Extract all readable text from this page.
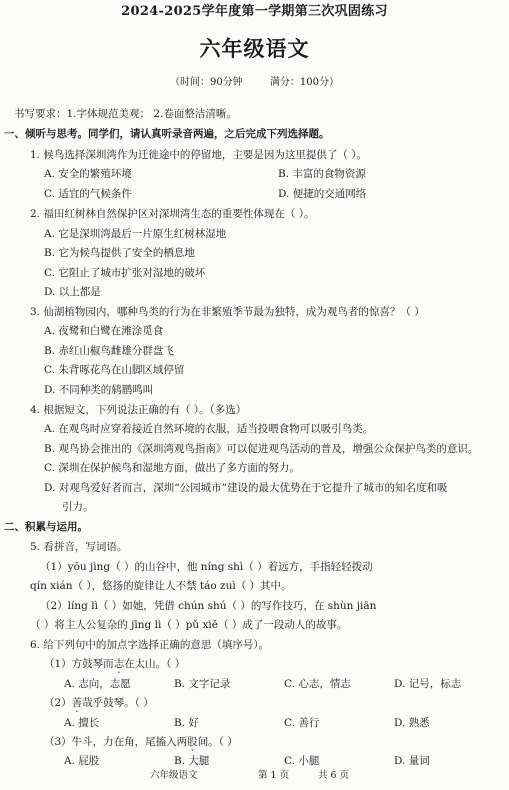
2024-2025学年度第一学期第三次巩固练习
六年级语文
（时间：90分钟	满分：100分）
书写要求：1.字体规范美观； 2.卷面整洁清晰。
一、倾听与思考。同学们，请认真听录音两遍，之后完成下列选择题。
1. 候鸟选择深圳湾作为迁徙途中的停留地，主要是因为这里提供了（ ）。
A. 安全的繁殖环境	B. 丰富的食物资源
C. 适宜的气候条件	D. 便捷的交通网络
2. 福田红树林自然保护区对深圳湾生态的重要性体现在（ ）。
A. 它是深圳湾最后一片原生红树林湿地
B. 它为候鸟提供了安全的栖息地
C. 它阻止了城市扩张对湿地的破坏
D. 以上都是
3. 仙湖植物园内，哪种鸟类的行为在非繁殖季节最为独特，成为观鸟者的惊喜？（ ）
A. 夜鹭和白鹭在滩涂觅食
B. 赤红山椒鸟雌雄分群盘飞
C. 朱背啄花鸟在山脚区域停留
D. 不同种类的鸫鹛鸣叫
4. 根据短文，下列说法正确的有（ ）。（多选）
A. 在观鸟时应穿着接近自然环境的衣服，适当投喂食物可以吸引鸟类。
B. 观鸟协会推出的《深圳湾观鸟指南》可以促进观鸟活动的普及，增强公众保护鸟类的意识。
C. 深圳在保护候鸟和湿地方面，做出了多方面的努力。
D. 对观鸟爱好者而言，深圳“公园城市”建设的最大优势在于它提升了城市的知名度和吸
引力。
二、积累与运用。
5. 看拼音，写词语。
（1）yōu jìng（ ）的山谷中，他 níng shì（ ）着远方，手指轻轻拨动
qín xián（ ），悠扬的旋律让人不禁 táo zuì（ ）其中。
（2）líng lì（ ）如她，凭借 chún shú（ ）的写作技巧，在 shùn jiān
（ ）将主人公复杂的 jīng lì（ ）pǔ xiě（ ）成了一段动人的故事。
6. 给下列句中的加点字选择正确的意思（填序号）。
（1）方鼓琴而志在太山。（ ）
A. 志向，志愿	B. 文字记录	C. 心志，情志	D. 记号，标志
（2）善哉乎鼓琴。（ ）
A. 擅长	B. 好	C. 善行	D. 熟悉
（3）牛斗，力在角，尾搐入两股间。（ ）
A. 屁股	B. 大腿	C. 小腿	D. 量词
六年级语文	第 1 页	共 6 页
